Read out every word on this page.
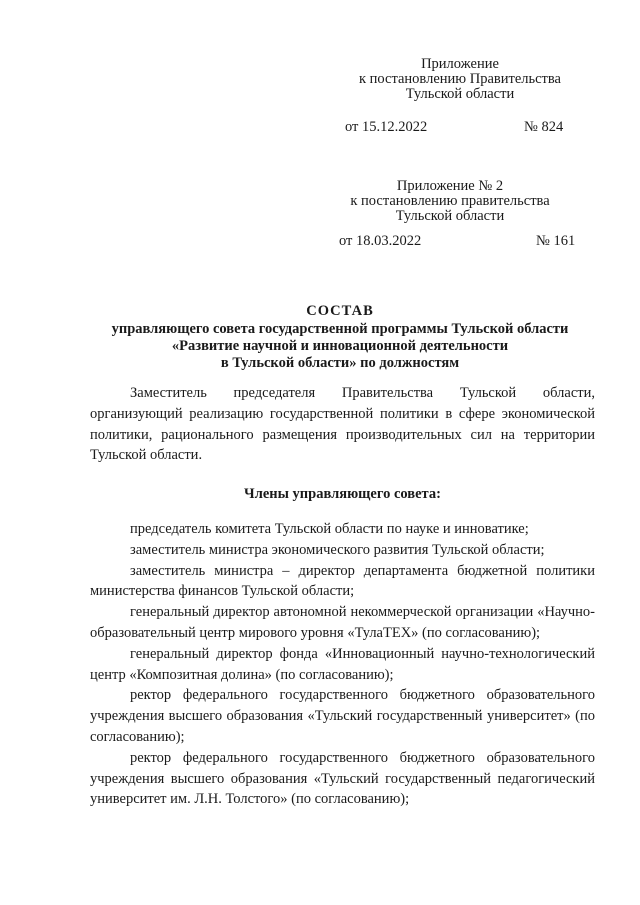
Приложение
к постановлению Правительства
Тульской области
от 15.12.2022	№ 824
Приложение № 2
к постановлению правительства
Тульской области
от 18.03.2022	№ 161
СОСТАВ
управляющего совета государственной программы Тульской области
«Развитие научной и инновационной деятельности
в Тульской области» по должностям

Заместитель председателя Правительства Тульской области, организующий реализацию государственной политики в сфере экономической политики, рационального размещения производительных сил на территории Тульской области.

Члены управляющего совета:

председатель комитета Тульской области по науке и инноватике;

заместитель министра экономического развития Тульской области;

заместитель министра – директор департамента бюджетной политики министерства финансов Тульской области;

генеральный директор автономной некоммерческой организации «Научно-образовательный центр мирового уровня «ТулаТЕХ» (по согласованию);

генеральный директор фонда «Инновационный научно-технологический центр «Композитная долина» (по согласованию);

ректор федерального государственного бюджетного образовательного учреждения высшего образования «Тульский государственный университет» (по согласованию);

ректор федерального государственного бюджетного образовательного учреждения высшего образования «Тульский государственный педагогический университет им. Л.Н. Толстого» (по согласованию);
